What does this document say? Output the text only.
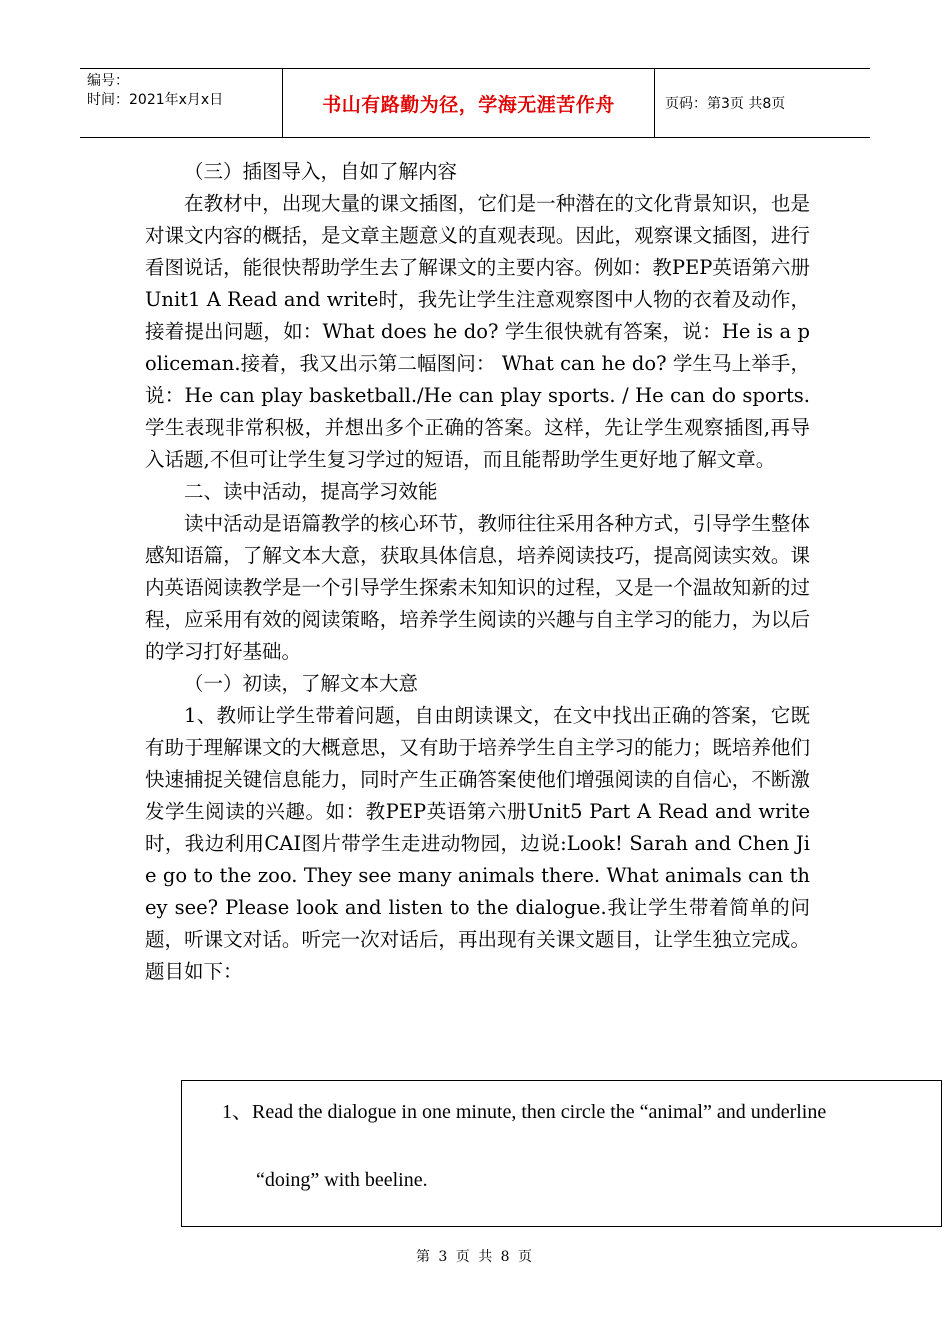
编号：
时间：2021年x月x日	书山有路勤为径，学海无涯苦作舟	页码：第3页 共8页

（三）插图导入，自如了解内容

在教材中，出现大量的课文插图，它们是一种潜在的文化背景知识，也是对课文内容的概括，是文章主题意义的直观表现。因此，观察课文插图，进行看图说话，能很快帮助学生去了解课文的主要内容。例如：教PEP英语第六册Unit1 A Read and write时，我先让学生注意观察图中人物的衣着及动作，接着提出问题，如：What does he do? 学生很快就有答案，说：He is a policeman.接着，我又出示第二幅图问： What can he do? 学生马上举手，说：He can play basketball./He can play sports. / He can do sports.学生表现非常积极，并想出多个正确的答案。这样，先让学生观察插图,再导入话题,不但可让学生复习学过的短语，而且能帮助学生更好地了解文章。

二、读中活动，提高学习效能

读中活动是语篇教学的核心环节，教师往往采用各种方式，引导学生整体感知语篇，了解文本大意，获取具体信息，培养阅读技巧，提高阅读实效。课内英语阅读教学是一个引导学生探索未知知识的过程，又是一个温故知新的过程，应采用有效的阅读策略，培养学生阅读的兴趣与自主学习的能力，为以后的学习打好基础。

（一）初读，了解文本大意

1、教师让学生带着问题，自由朗读课文，在文中找出正确的答案，它既有助于理解课文的大概意思，又有助于培养学生自主学习的能力；既培养他们快速捕捉关键信息能力，同时产生正确答案使他们增强阅读的自信心，不断激发学生阅读的兴趣。如：教PEP英语第六册Unit5 Part A Read and write时，我边利用CAI图片带学生走进动物园，边说:Look! Sarah and Chen Jie go to the zoo. They see many animals there. What animals can they see? Please look and listen to the dialogue.我让学生带着简单的问题，听课文对话。听完一次对话后，再出现有关课文题目，让学生独立完成。题目如下：

1、Read the dialogue in one minute, then circle the “animal” and underline
“doing” with beeline.
第 3 页 共 8 页
